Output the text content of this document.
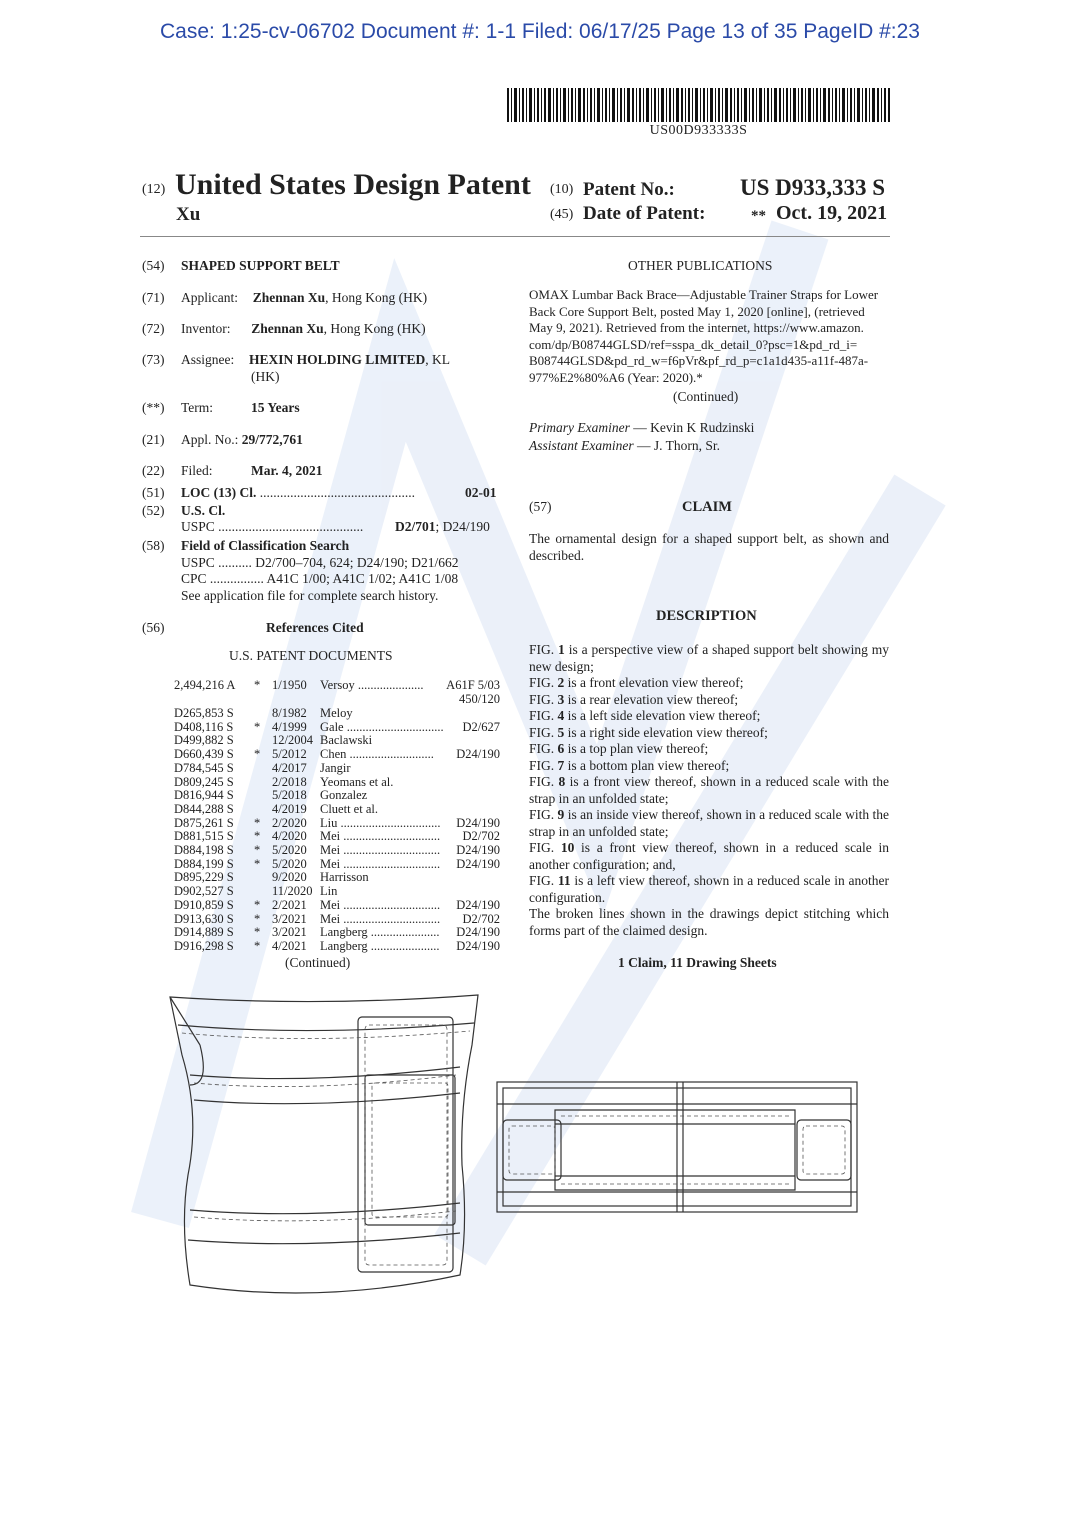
Case: 1:25-cv-06702 Document #: 1-1 Filed: 06/17/25 Page 13 of 35 PageID #:23
US00D933333S
(12) United States Design Patent
Xu
(10) Patent No.:	US D933,333 S
(45) Date of Patent:	** Oct. 19, 2021
(54) SHAPED SUPPORT BELT
(71) Applicant: Zhennan Xu, Hong Kong (HK)
(72) Inventor: Zhennan Xu, Hong Kong (HK)
(73) Assignee: HEXIN HOLDING LIMITED, KL
(HK)
(**) Term:	15 Years
(21) Appl. No.: 29/772,761
(22) Filed:	Mar. 4, 2021
(51) LOC (13) Cl. ..............................................	02-01
(52) U.S. Cl.
USPC ........................................... D2/701; D24/190
(58) Field of Classification Search
USPC .......... D2/700–704, 624; D24/190; D21/662
CPC ................ A41C 1/00; A41C 1/02; A41C 1/08
See application file for complete search history.
(56)	References Cited
U.S. PATENT DOCUMENTS
2,494,216 A * 1/1950 Versoy ..................... A61F 5/03
450/120
D265,853 S	8/1982 Meloy
D408,116 S * 4/1999 Gale ............................... D2/627
D499,882 S	12/2004 Baclawski
D660,439 S * 5/2012 Chen ........................... D24/190
D784,545 S	4/2017 Jangir
D809,245 S	2/2018 Yeomans et al.
D816,944 S	5/2018 Gonzalez
D844,288 S	4/2019 Cluett et al.
D875,261 S * 2/2020 Liu ................................ D24/190
D881,515 S * 4/2020 Mei ............................... D2/702
D884,198 S * 5/2020 Mei ............................... D24/190
D884,199 S * 5/2020 Mei ............................... D24/190
D895,229 S	9/2020 Harrisson
D902,527 S	11/2020 Lin
D910,859 S * 2/2021 Mei ............................... D24/190
D913,630 S * 3/2021 Mei ............................... D2/702
D914,889 S * 3/2021 Langberg ...................... D24/190
D916,298 S * 4/2021 Langberg ...................... D24/190
(Continued)
OTHER PUBLICATIONS
OMAX Lumbar Back Brace—Adjustable Trainer Straps for Lower
Back Core Support Belt, posted May 1, 2020 [online], (retrieved
May 9, 2021). Retrieved from the internet, https://www.amazon.
com/dp/B08744GLSD/ref=sspa_dk_detail_0?psc=1&pd_rd_i=
B08744GLSD&pd_rd_w=f6pVr&pf_rd_p=c1a1d435-a11f-487a-
977%E2%80%A6 (Year: 2020).*
(Continued)
Primary Examiner — Kevin K Rudzinski
Assistant Examiner — J. Thorn, Sr.
(57)	CLAIM
The ornamental design for a shaped support belt, as shown and described.
DESCRIPTION
FIG. 1 is a perspective view of a shaped support belt showing my new design;
FIG. 2 is a front elevation view thereof;
FIG. 3 is a rear elevation view thereof;
FIG. 4 is a left side elevation view thereof;
FIG. 5 is a right side elevation view thereof;
FIG. 6 is a top plan view thereof;
FIG. 7 is a bottom plan view thereof;
FIG. 8 is a front view thereof, shown in a reduced scale with the strap in an unfolded state;
FIG. 9 is an inside view thereof, shown in a reduced scale with the strap in an unfolded state;
FIG. 10 is a front view thereof, shown in a reduced scale in another configuration; and,
FIG. 11 is a left view thereof, shown in a reduced scale in another configuration.
The broken lines shown in the drawings depict stitching which forms part of the claimed design.
1 Claim, 11 Drawing Sheets
